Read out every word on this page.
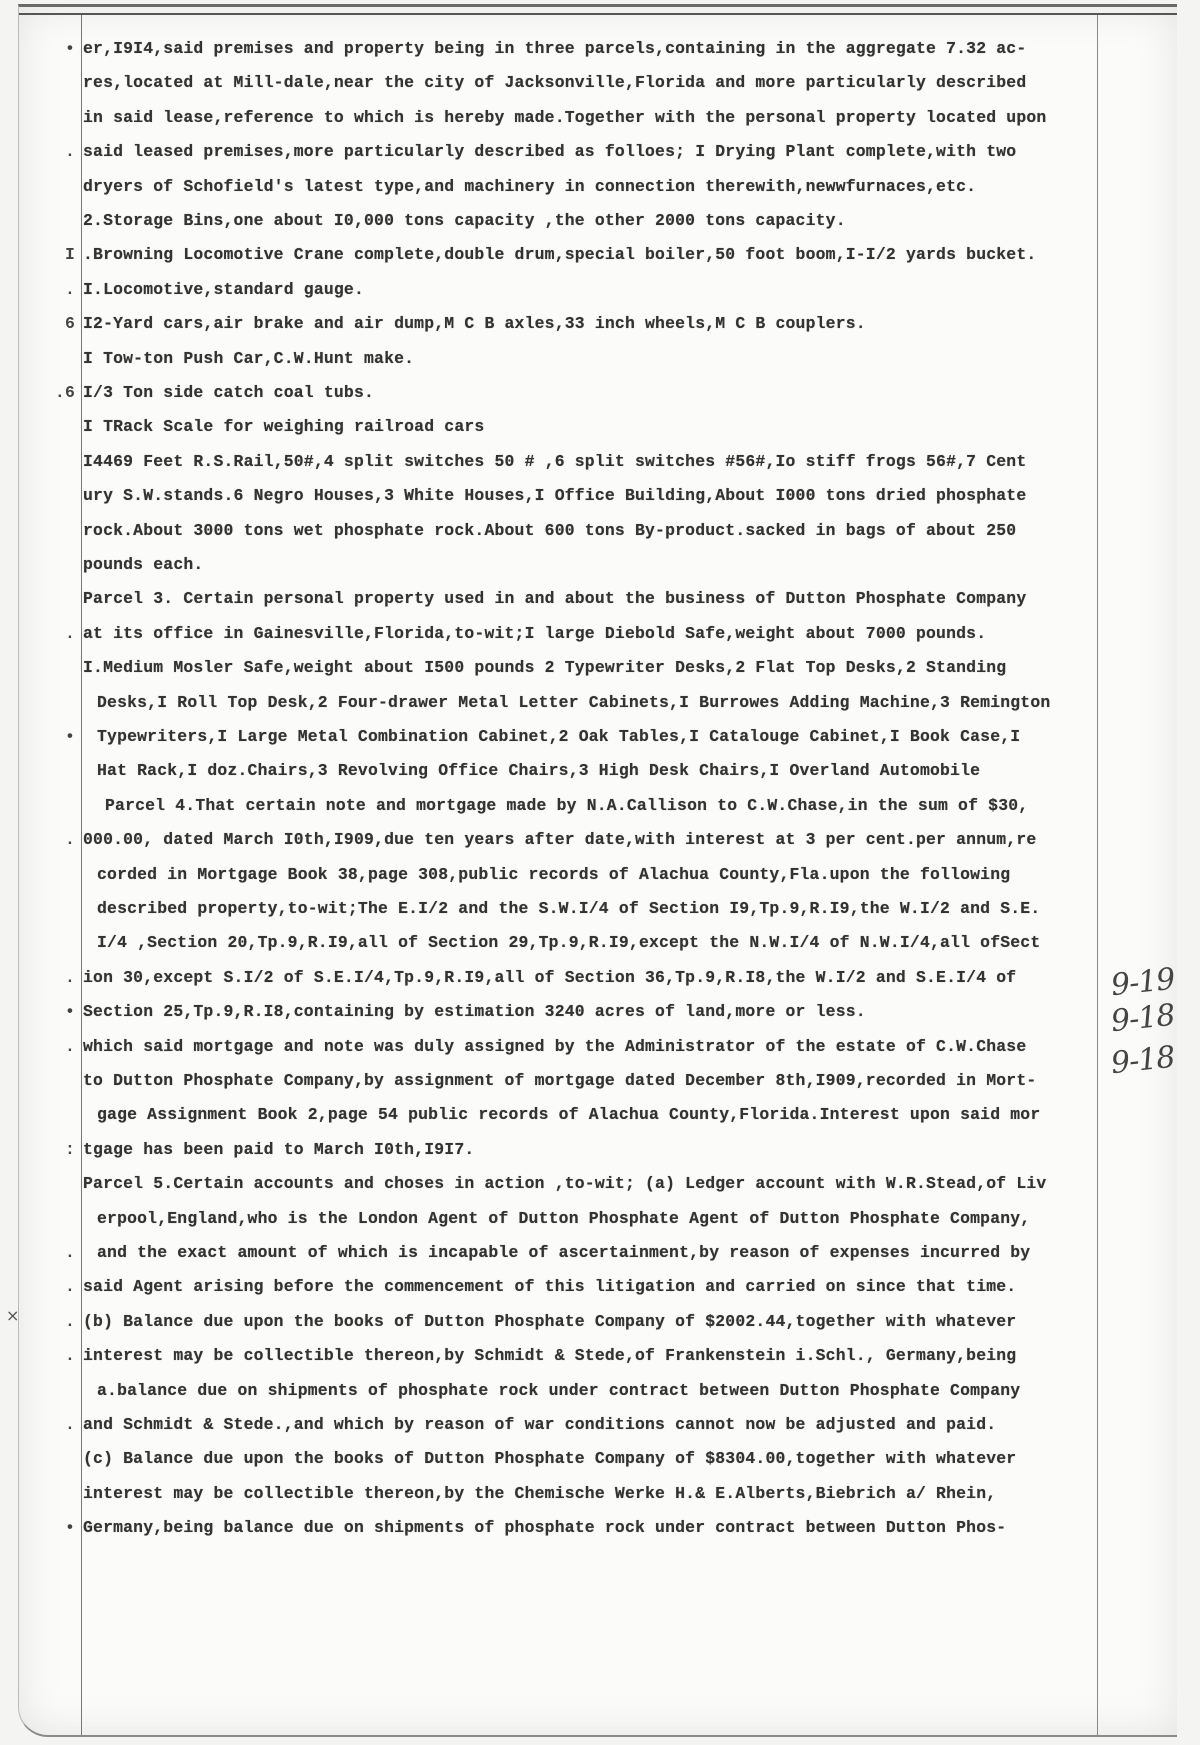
• er,I9I4,said premises and property being in three parcels,containing in the aggregate 7.32 ac-
res,located at Mill-dale,near the city of Jacksonville,Florida and more particularly described
in said lease,reference to which is hereby made.Together with the personal property located upon
. said leased premises,more particularly described as folloes; I Drying Plant complete,with two
dryers of Schofield's latest type,and machinery in connection therewith,newwfurnaces,etc.
2.Storage Bins,one about I0,000 tons capacity ,the other 2000 tons capacity.
I .Browning Locomotive Crane complete,double drum,special boiler,50 foot boom,I-I/2 yards bucket.
. I.Locomotive,standard gauge.
6 I2-Yard cars,air brake and air dump,M C B axles,33 inch wheels,M C B couplers.
I Tow-ton Push Car,C.W.Hunt make.
.6 I/3 Ton side catch coal tubs.
I TRack Scale for weighing railroad cars
I4469 Feet R.S.Rail,50#,4 split switches 50 # ,6 split switches #56#,Io stiff frogs 56#,7 Cent
ury S.W.stands.6 Negro Houses,3 White Houses,I Office Building,About I000 tons dried phosphate
rock.About 3000 tons wet phosphate rock.About 600 tons By-product.sacked in bags of about 250
pounds each.
Parcel 3. Certain personal property used in and about the business of Dutton Phosphate Company
. at its office in Gainesville,Florida,to-wit;I large Diebold Safe,weight about 7000 pounds.
I.Medium Mosler Safe,weight about I500 pounds 2 Typewriter Desks,2 Flat Top Desks,2 Standing
Desks,I Roll Top Desk,2 Four-drawer Metal Letter Cabinets,I Burrowes Adding Machine,3 Remington
• Typewriters,I Large Metal Combination Cabinet,2 Oak Tables,I Catalouge Cabinet,I Book Case,I
Hat Rack,I doz.Chairs,3 Revolving Office Chairs,3 High Desk Chairs,I Overland Automobile
Parcel 4.That certain note and mortgage made by N.A.Callison to C.W.Chase,in the sum of $30,
. 000.00, dated March I0th,I909,due ten years after date,with interest at 3 per cent.per annum,re
corded in Mortgage Book 38,page 308,public records of Alachua County,Fla.upon the following
described property,to-wit;The E.I/2 and the S.W.I/4 of Section I9,Tp.9,R.I9,the W.I/2 and S.E.
I/4 ,Section 20,Tp.9,R.I9,all of Section 29,Tp.9,R.I9,except the N.W.I/4 of N.W.I/4,all ofSect
. ion 30,except S.I/2 of S.E.I/4,Tp.9,R.I9,all of Section 36,Tp.9,R.I8,the W.I/2 and S.E.I/4 of
• Section 25,Tp.9,R.I8,containing by estimation 3240 acres of land,more or less.
. which said mortgage and note was duly assigned by the Administrator of the estate of C.W.Chase
to Dutton Phosphate Company,by assignment of mortgage dated December 8th,I909,recorded in Mort-
gage Assignment Book 2,page 54 public records of Alachua County,Florida.Interest upon said mor
: tgage has been paid to March I0th,I9I7.
Parcel 5.Certain accounts and choses in action ,to-wit; (a) Ledger account with W.R.Stead,of Liv
erpool,England,who is the London Agent of Dutton Phosphate Agent of Dutton Phosphate Company,
. and the exact amount of which is incapable of ascertainment,by reason of expenses incurred by
. said Agent arising before the commencement of this litigation and carried on since that time.
. (b) Balance due upon the books of Dutton Phosphate Company of $2002.44,together with whatever
. interest may be collectible thereon,by Schmidt & Stede,of Frankenstein i.Schl., Germany,being
a.balance due on shipments of phosphate rock under contract between Dutton Phosphate Company
. and Schmidt & Stede.,and which by reason of war conditions cannot now be adjusted and paid.
(c) Balance due upon the books of Dutton Phosphate Company of $8304.00,together with whatever
interest may be collectible thereon,by the Chemische Werke H.& E.Alberts,Biebrich a/ Rhein,
• Germany,being balance due on shipments of phosphate rock under contract between Dutton Phos-
9-19
9-18
9-18
×
